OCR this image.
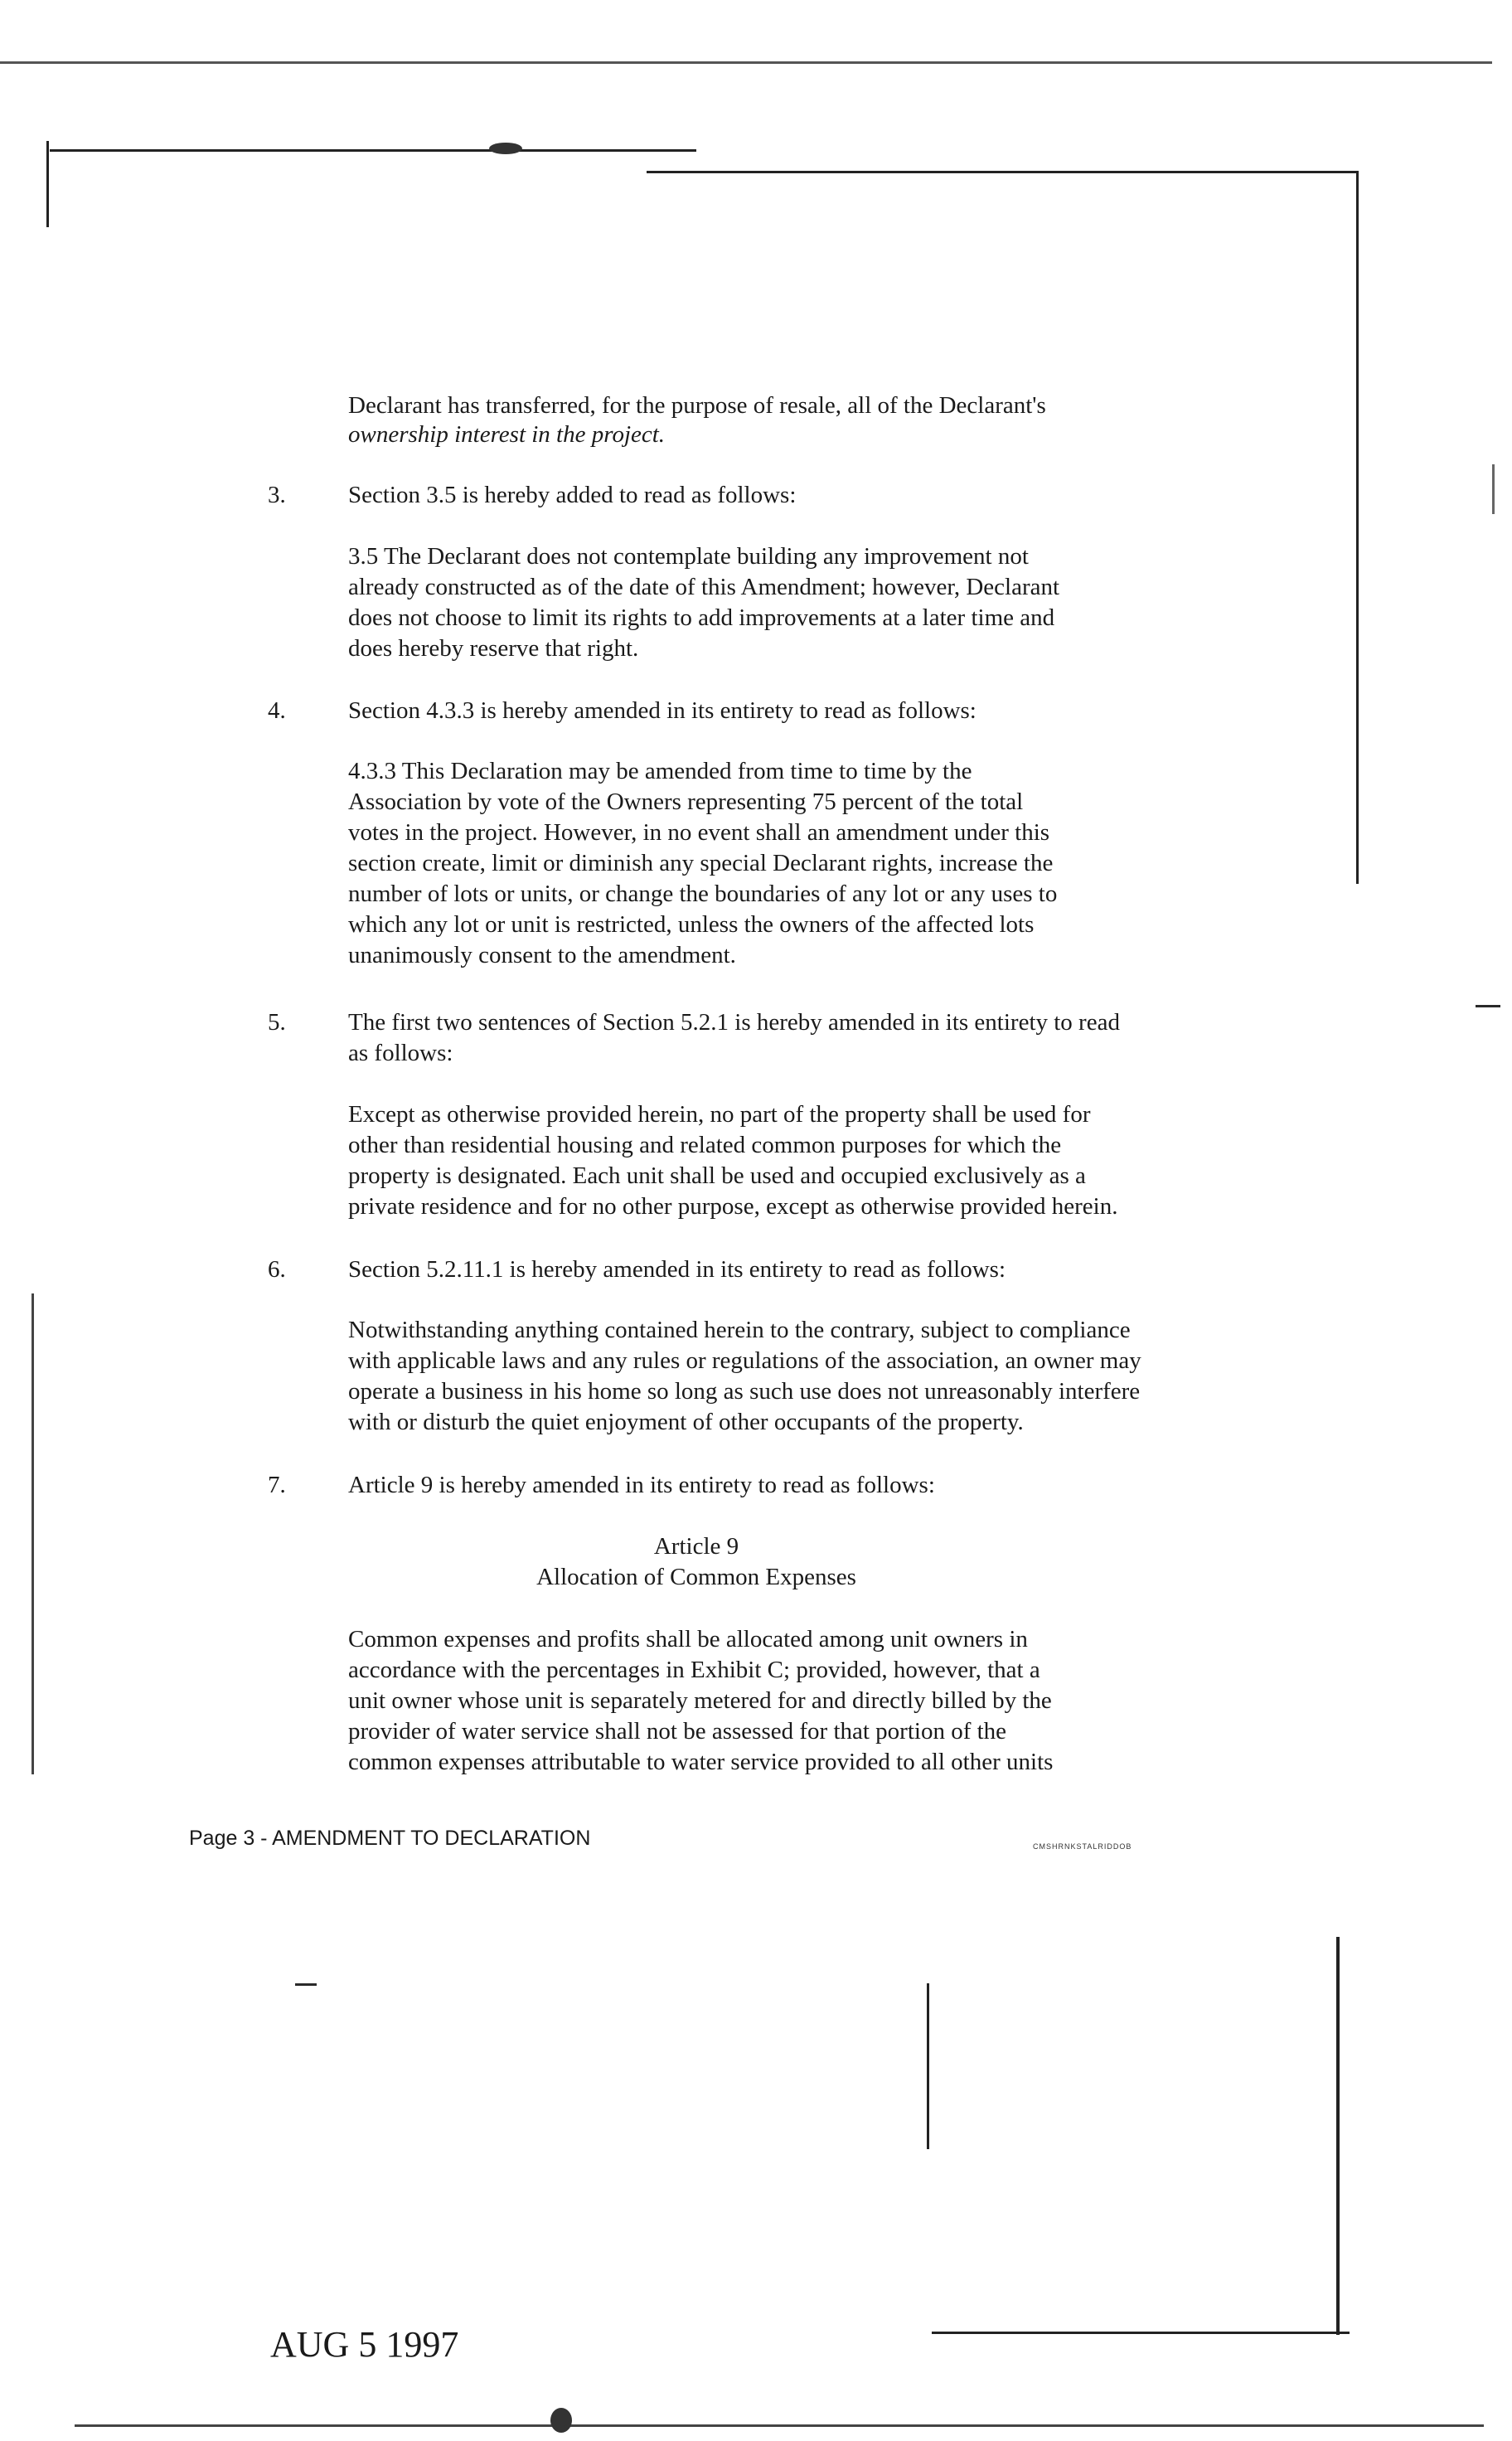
Declarant has transferred, for the purpose of resale, all of the Declarant's
ownership interest in the project.
3.	Section 3.5 is hereby added to read as follows:
3.5 The Declarant does not contemplate building any improvement not
already constructed as of the date of this Amendment; however, Declarant
does not choose to limit its rights to add improvements at a later time and
does hereby reserve that right.
4.	Section 4.3.3 is hereby amended in its entirety to read as follows:
4.3.3 This Declaration may be amended from time to time by the
Association by vote of the Owners representing 75 percent of the total
votes in the project. However, in no event shall an amendment under this
section create, limit or diminish any special Declarant rights, increase the
number of lots or units, or change the boundaries of any lot or any uses to
which any lot or unit is restricted, unless the owners of the affected lots
unanimously consent to the amendment.
5.	The first two sentences of Section 5.2.1 is hereby amended in its entirety to read
as follows:
Except as otherwise provided herein, no part of the property shall be used for
other than residential housing and related common purposes for which the
property is designated. Each unit shall be used and occupied exclusively as a
private residence and for no other purpose, except as otherwise provided herein.
6.	Section 5.2.11.1 is hereby amended in its entirety to read as follows:
Notwithstanding anything contained herein to the contrary, subject to compliance
with applicable laws and any rules or regulations of the association, an owner may
operate a business in his home so long as such use does not unreasonably interfere
with or disturb the quiet enjoyment of other occupants of the property.
7.	Article 9 is hereby amended in its entirety to read as follows:
Article 9
Allocation of Common Expenses
Common expenses and profits shall be allocated among unit owners in
accordance with the percentages in Exhibit C; provided, however, that a
unit owner whose unit is separately metered for and directly billed by the
provider of water service shall not be assessed for that portion of the
common expenses attributable to water service provided to all other units
Page 3 - AMENDMENT TO DECLARATION	CMSHRNKSTALRIDDOB
AUG 5 1997
